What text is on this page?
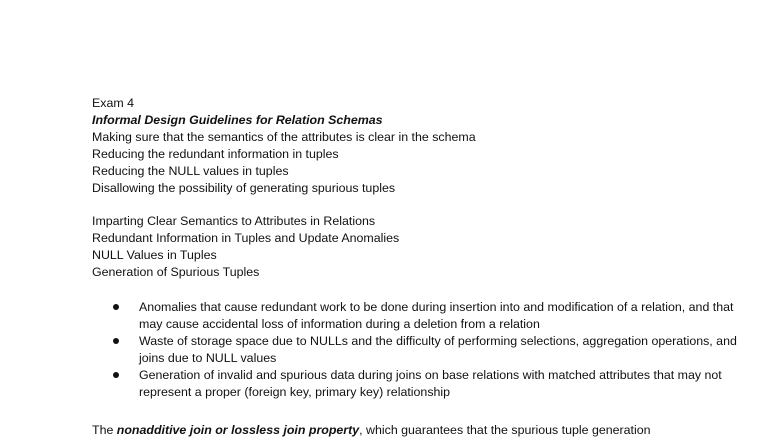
Exam 4

Informal Design Guidelines for Relation Schemas

Making sure that the semantics of the attributes is clear in the schema

Reducing the redundant information in tuples

Reducing the NULL values in tuples

Disallowing the possibility of generating spurious tuples

Imparting Clear Semantics to Attributes in Relations

Redundant Information in Tuples and Update Anomalies

NULL Values in Tuples

Generation of Spurious Tuples

Anomalies that cause redundant work to be done during insertion into and modification of a relation, and that may cause accidental loss of information during a deletion from a relation
Waste of storage space due to NULLs and the difficulty of performing selections, aggregation operations, and joins due to NULL values
Generation of invalid and spurious data during joins on base relations with matched attributes that may not represent a proper (foreign key, primary key) relationship
The nonadditive join or lossless join property, which guarantees that the spurious tuple generation
